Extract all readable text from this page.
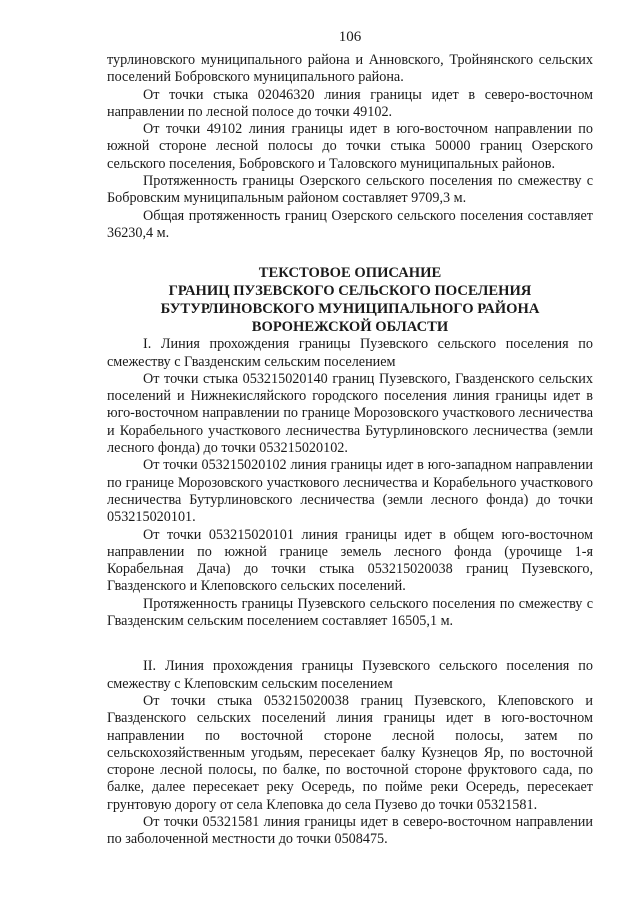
106

турлиновского муниципального района и Анновского, Тройнянского сельских поселений Бобровского муниципального района.

От точки стыка 02046320 линия границы идет в северо-восточном направлении по лесной полосе до точки 49102.

От точки 49102 линия границы идет в юго-восточном направлении по южной стороне лесной полосы до точки стыка 50000 границ Озерского сельского поселения, Бобровского и Таловского муниципальных районов.

Протяженность границы Озерского сельского поселения по смежеству с Бобровским муниципальным районом составляет 9709,3 м.

Общая протяженность границ Озерского сельского поселения составляет 36230,4 м.

ТЕКСТОВОЕ ОПИСАНИЕ
ГРАНИЦ ПУЗЕВСКОГО СЕЛЬСКОГО ПОСЕЛЕНИЯ
БУТУРЛИНОВСКОГО МУНИЦИПАЛЬНОГО РАЙОНА
ВОРОНЕЖСКОЙ ОБЛАСТИ

I. Линия прохождения границы Пузевского сельского поселения по смежеству с Гвазденским сельским поселением

От точки стыка 053215020140 границ Пузевского, Гвазденского сельских поселений и Нижнекисляйского городского поселения линия границы идет в юго-восточном направлении по границе Морозовского участкового лесничества и Корабельного участкового лесничества Бутурлиновского лесничества (земли лесного фонда) до точки 053215020102.

От точки 053215020102 линия границы идет в юго-западном направлении по границе Морозовского участкового лесничества и Корабельного участкового лесничества Бутурлиновского лесничества (земли лесного фонда) до точки 053215020101.

От точки 053215020101 линия границы идет в общем юго-восточном направлении по южной границе земель лесного фонда (урочище 1-я Корабельная Дача) до точки стыка 053215020038 границ Пузевского, Гвазденского и Клеповского сельских поселений.

Протяженность границы Пузевского сельского поселения по смежеству с Гвазденским сельским поселением составляет 16505,1 м.

II. Линия прохождения границы Пузевского сельского поселения по смежеству с Клеповским сельским поселением

От точки стыка 053215020038 границ Пузевского, Клеповского и Гвазденского сельских поселений линия границы идет в юго-восточном направлении по восточной стороне лесной полосы, затем по сельскохозяйственным угодьям, пересекает балку Кузнецов Яр, по восточной стороне лесной полосы, по балке, по восточной стороне фруктового сада, по балке, далее пересекает реку Осередь, по пойме реки Осередь, пересекает грунтовую дорогу от села Клеповка до села Пузево до точки 05321581.

От точки 05321581 линия границы идет в северо-восточном направлении по заболоченной местности до точки 0508475.
